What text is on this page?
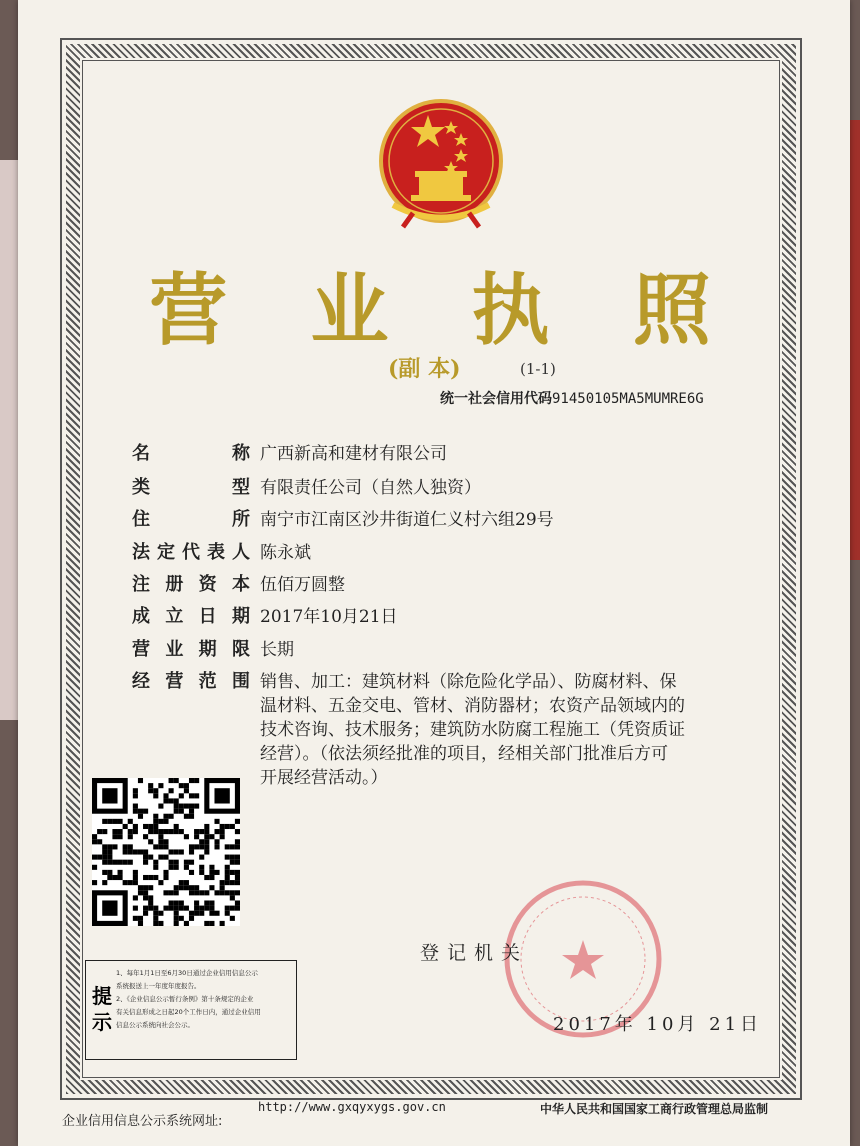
营 业 执 照
(副 本)	(1-1)
统一社会信用代码91450105MA5MUMRE6G
名	称 广西新高和建材有限公司
类	型 有限责任公司（自然人独资）
住	所 南宁市江南区沙井街道仁义村六组29号
法 定 代 表 人 陈永斌
注 册 资 本 伍佰万圆整
成 立 日 期 2017年10月21日
营 业 期 限 长期
经 营 范 围 销售、加工：建筑材料（除危险化学品）、防腐材料、保
温材料、五金交电、管材、消防器材；农资产品领域内的
技术咨询、技术服务；建筑防水防腐工程施工（凭资质证
经营）。（依法须经批准的项目，经相关部门批准后方可
开展经营活动。）
提示
1、每年1月1日至6月30日通过企业信用信息公示
系统报送上一年度年度报告。
2、《企业信息公示暂行条例》第十条规定的企业
有关信息形成之日起20个工作日内，通过企业信用
信息公示系统向社会公示。
登记机关
2017年 10月 21日
企业信用信息公示系统网址:
http://www.gxqyxygs.gov.cn	中华人民共和国国家工商行政管理总局监制
